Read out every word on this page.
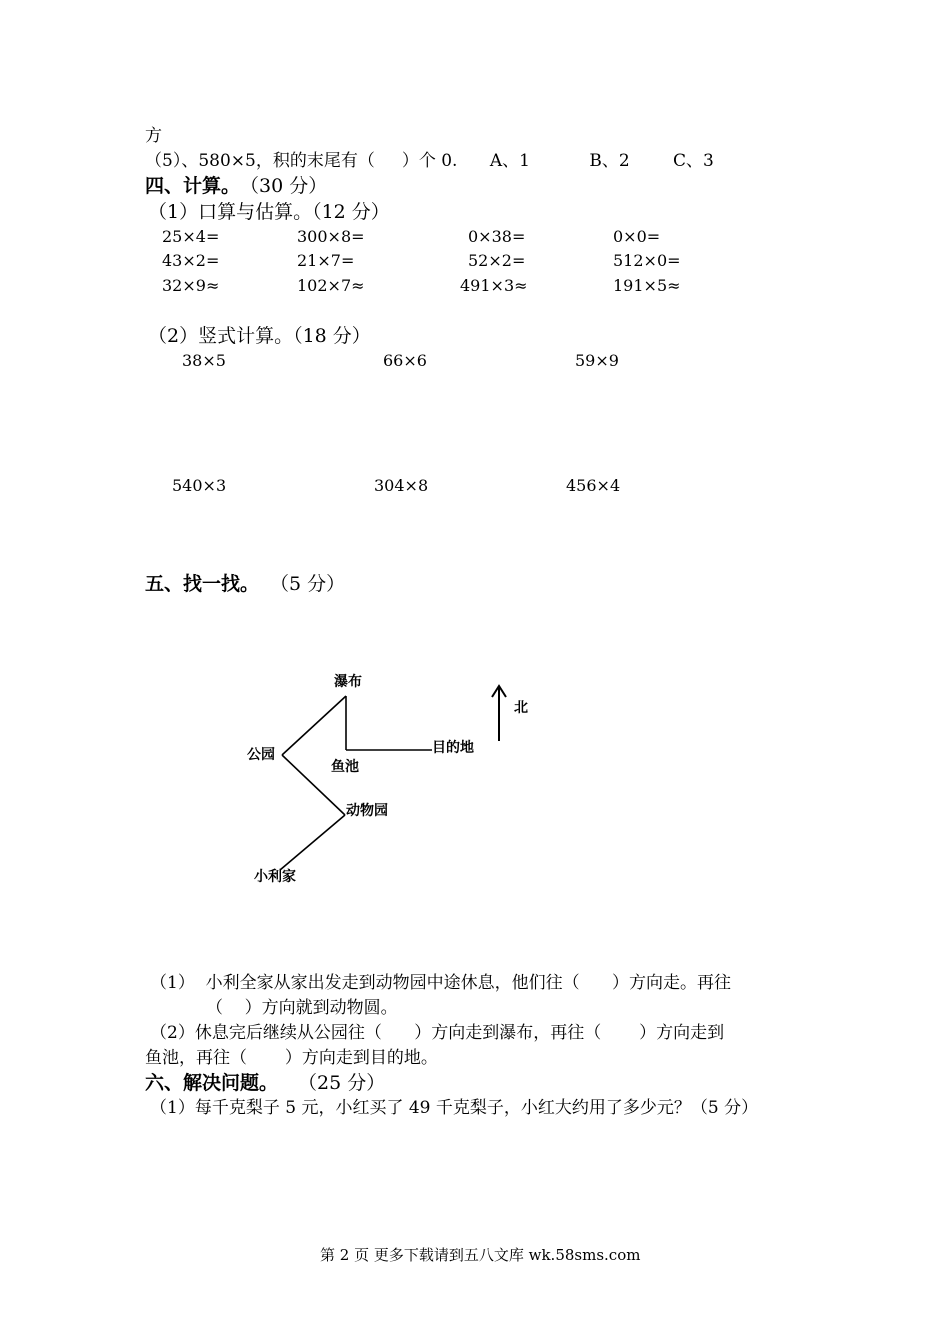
方
（5）、580×5，积的末尾有（     ）个 0.      A、1           B、2        C、3
四、计算。 （30 分）
（1）口算与估算。（12 分）
25×4=	300×8=	0×38=	0×0=
43×2=	21×7=	52×2=	512×0=
32×9≈	102×7≈	491×3≈	191×5≈
（2）竖式计算。（18 分）
38×5	66×6	59×9
540×3	304×8	456×4
五、找一找。 （5 分）
瀑布
北
公园	目的地
鱼池
动物园
小利家
（1）  小利全家从家出发走到动物园中途休息，他们往（      ）方向走。再往
（    ）方向就到动物圆。
（2）休息完后继续从公园往（      ）方向走到瀑布，再往（       ）方向走到
鱼池，再往（       ）方向走到目的地。
六、解决问题。 （25 分）
（1）每千克梨子 5 元，小红买了 49 千克梨子，小红大约用了多少元？（5 分）
第 2 页 更多下载请到五八文库 wk.58sms.com
